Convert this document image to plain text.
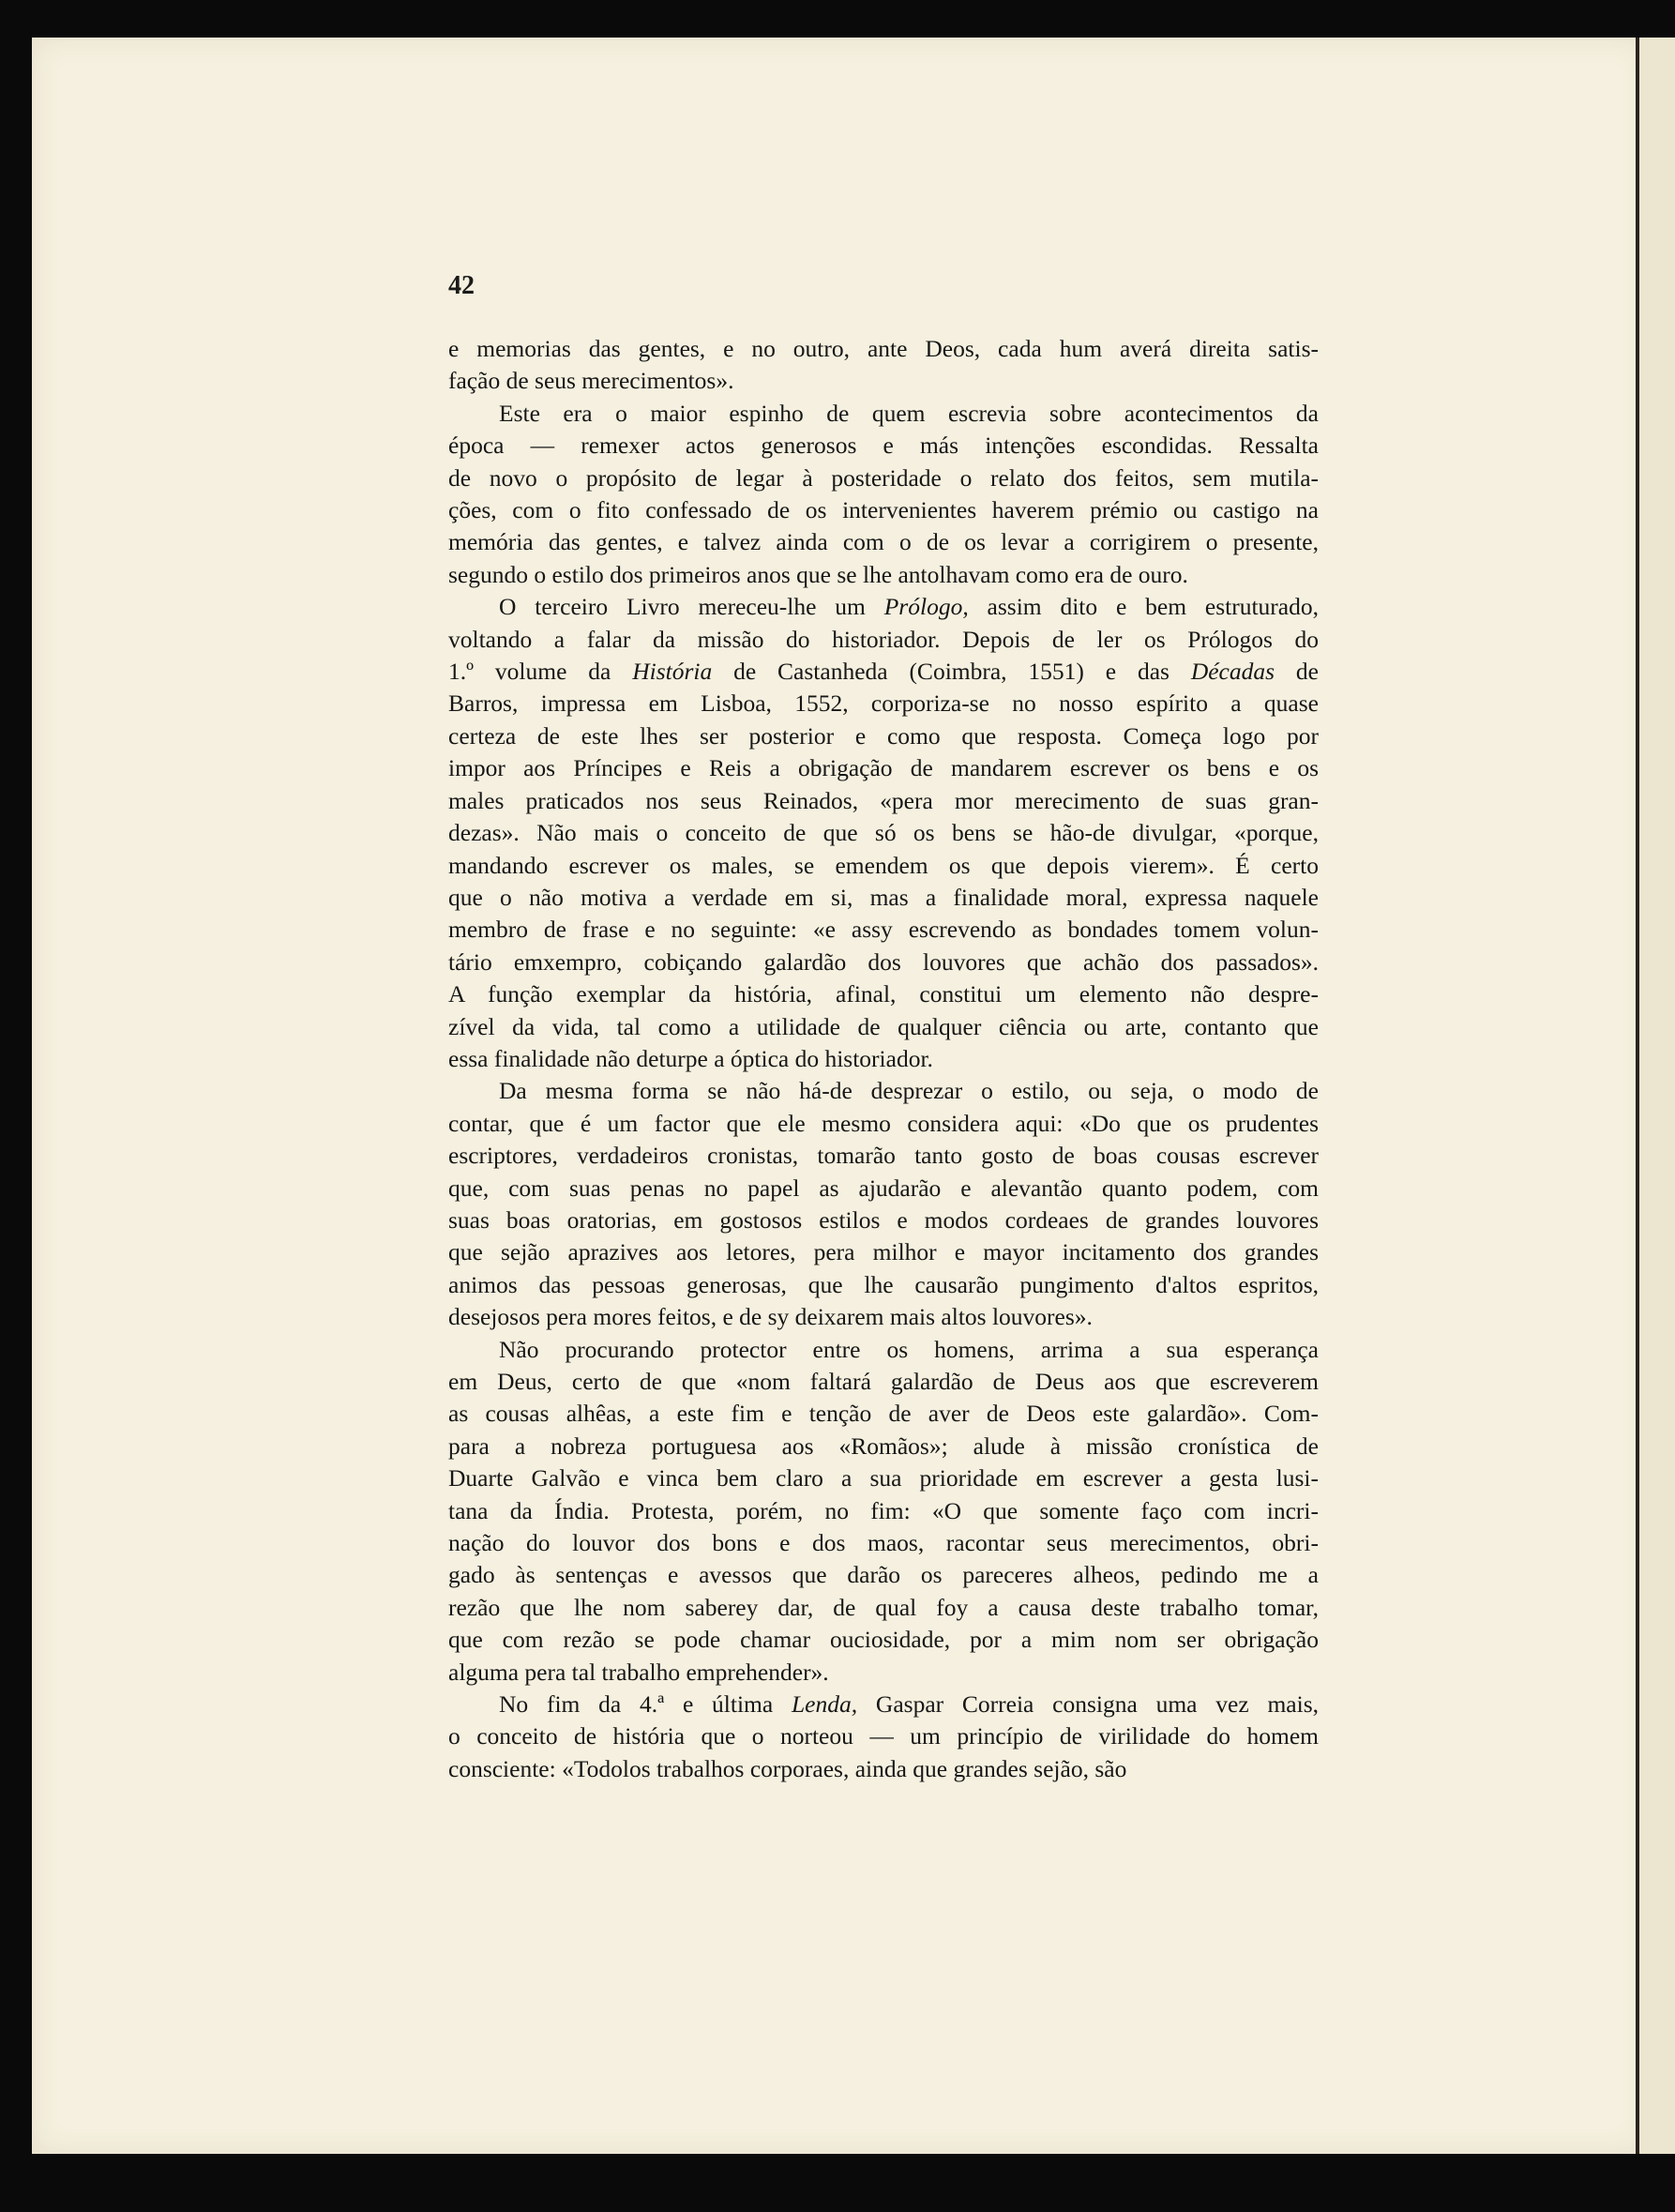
42

e memorias das gentes, e no outro, ante Deos, cada hum averá direita satis-
fação de seus merecimentos».

Este era o maior espinho de quem escrevia sobre acontecimentos da
época — remexer actos generosos e más intenções escondidas. Ressalta
de novo o propósito de legar à posteridade o relato dos feitos, sem mutila-
ções, com o fito confessado de os intervenientes haverem prémio ou castigo na
memória das gentes, e talvez ainda com o de os levar a corrigirem o presente,
segundo o estilo dos primeiros anos que se lhe antolhavam como era de ouro.

O terceiro Livro mereceu-lhe um Prólogo, assim dito e bem estruturado,
voltando a falar da missão do historiador. Depois de ler os Prólogos do
1.º volume da História de Castanheda (Coimbra, 1551) e das Décadas de
Barros, impressa em Lisboa, 1552, corporiza-se no nosso espírito a quase
certeza de este lhes ser posterior e como que resposta. Começa logo por
impor aos Príncipes e Reis a obrigação de mandarem escrever os bens e os
males praticados nos seus Reinados, «pera mor merecimento de suas gran-
dezas». Não mais o conceito de que só os bens se hão-de divulgar, «porque,
mandando escrever os males, se emendem os que depois vierem». É certo
que o não motiva a verdade em si, mas a finalidade moral, expressa naquele
membro de frase e no seguinte: «e assy escrevendo as bondades tomem volun-
tário emxempro, cobiçando galardão dos louvores que achão dos passados».
A função exemplar da história, afinal, constitui um elemento não despre-
zível da vida, tal como a utilidade de qualquer ciência ou arte, contanto que
essa finalidade não deturpe a óptica do historiador.

Da mesma forma se não há-de desprezar o estilo, ou seja, o modo de
contar, que é um factor que ele mesmo considera aqui: «Do que os prudentes
escriptores, verdadeiros cronistas, tomarão tanto gosto de boas cousas escrever
que, com suas penas no papel as ajudarão e alevantão quanto podem, com
suas boas oratorias, em gostosos estilos e modos cordeaes de grandes louvores
que sejão aprazives aos letores, pera milhor e mayor incitamento dos grandes
animos das pessoas generosas, que lhe causarão pungimento d'altos espritos,
desejosos pera mores feitos, e de sy deixarem mais altos louvores».

Não procurando protector entre os homens, arrima a sua esperança
em Deus, certo de que «nom faltará galardão de Deus aos que escreverem
as cousas alhêas, a este fim e tenção de aver de Deos este galardão». Com-
para a nobreza portuguesa aos «Romãos»; alude à missão cronística de
Duarte Galvão e vinca bem claro a sua prioridade em escrever a gesta lusi-
tana da Índia. Protesta, porém, no fim: «O que somente faço com incri-
nação do louvor dos bons e dos maos, racontar seus merecimentos, obri-
gado às sentenças e avessos que darão os pareceres alheos, pedindo me a
rezão que lhe nom saberey dar, de qual foy a causa deste trabalho tomar,
que com rezão se pode chamar ouciosidade, por a mim nom ser obrigação
alguma pera tal trabalho emprehender».

No fim da 4.ª e última Lenda, Gaspar Correia consigna uma vez mais,
o conceito de história que o norteou — um princípio de virilidade do homem
consciente: «Todolos trabalhos corporaes, ainda que grandes sejão, são
